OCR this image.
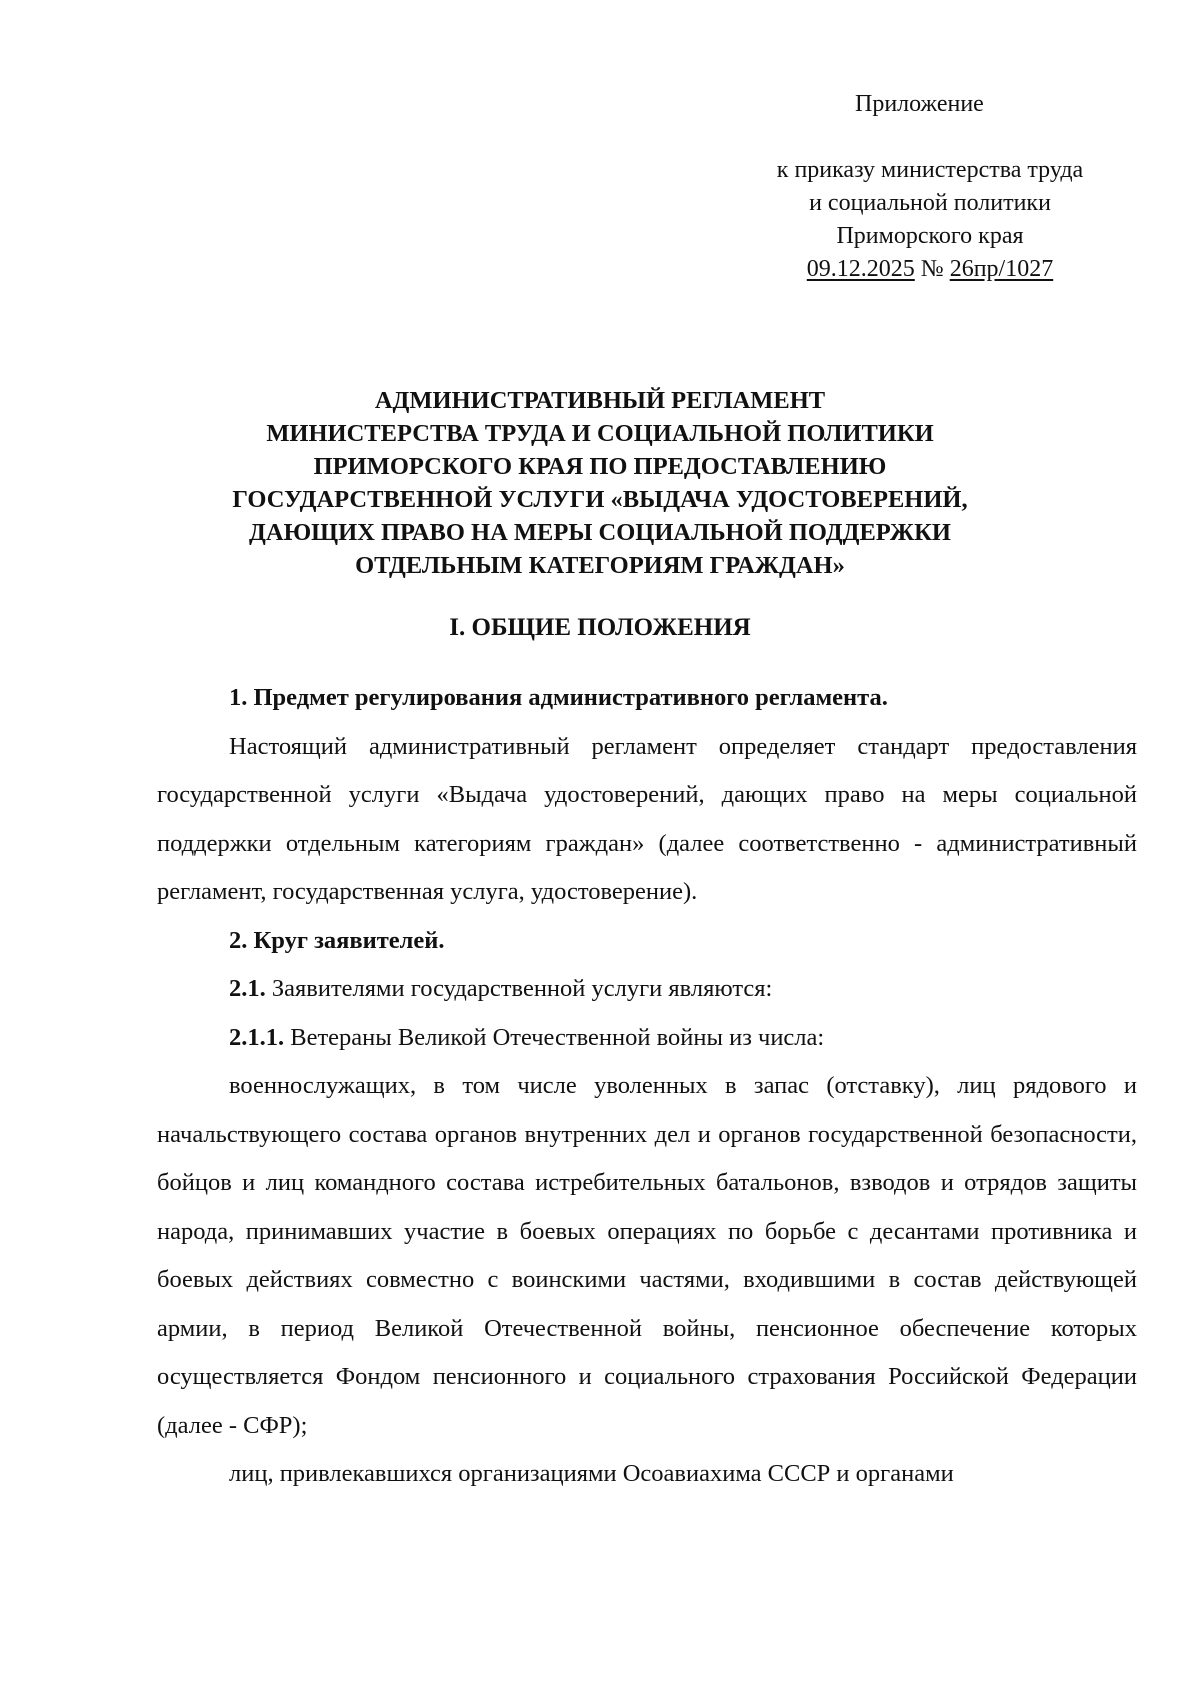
Приложение
к приказу министерства труда
и социальной политики
Приморского края
09.12.2025 № 26пр/1027
АДМИНИСТРАТИВНЫЙ РЕГЛАМЕНТ
МИНИСТЕРСТВА ТРУДА И СОЦИАЛЬНОЙ ПОЛИТИКИ
ПРИМОРСКОГО КРАЯ ПО ПРЕДОСТАВЛЕНИЮ
ГОСУДАРСТВЕННОЙ УСЛУГИ «ВЫДАЧА УДОСТОВЕРЕНИЙ,
ДАЮЩИХ ПРАВО НА МЕРЫ СОЦИАЛЬНОЙ ПОДДЕРЖКИ
ОТДЕЛЬНЫМ КАТЕГОРИЯМ ГРАЖДАН»
I. ОБЩИЕ ПОЛОЖЕНИЯ

1. Предмет регулирования административного регламента.

Настоящий административный регламент определяет стандарт предоставления государственной услуги «Выдача удостоверений, дающих право на меры социальной поддержки отдельным категориям граждан» (далее соответственно - административный регламент, государственная услуга, удостоверение).

2. Круг заявителей.

2.1. Заявителями государственной услуги являются:

2.1.1. Ветераны Великой Отечественной войны из числа:

военнослужащих, в том числе уволенных в запас (отставку), лиц рядового и начальствующего состава органов внутренних дел и органов государственной безопасности, бойцов и лиц командного состава истребительных батальонов, взводов и отрядов защиты народа, принимавших участие в боевых операциях по борьбе с десантами противника и боевых действиях совместно с воинскими частями, входившими в состав действующей армии, в период Великой Отечественной войны, пенсионное обеспечение которых осуществляется Фондом пенсионного и социального страхования Российской Федерации (далее - СФР);

лиц, привлекавшихся организациями Осоавиахима СССР и органами
